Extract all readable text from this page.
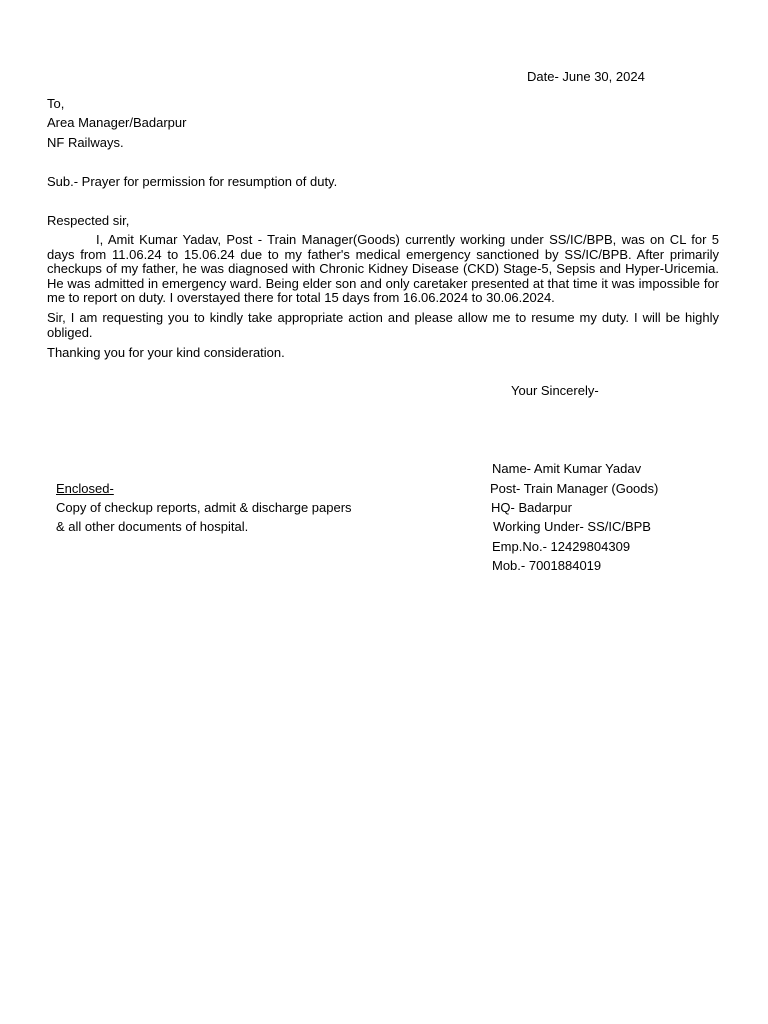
Date- June 30, 2024
To,
Area Manager/Badarpur
NF Railways.
Sub.- Prayer for permission for resumption of duty.
Respected sir,
I, Amit Kumar Yadav, Post - Train Manager(Goods) currently working under SS/IC/BPB, was on CL for 5 days from 11.06.24 to 15.06.24 due to my father's medical emergency sanctioned by SS/IC/BPB. After primarily checkups of my father, he was diagnosed with Chronic Kidney Disease (CKD) Stage-5, Sepsis and Hyper-Uricemia. He was admitted in emergency ward. Being elder son and only caretaker presented at that time it was impossible for me to report on duty. I overstayed there for total 15 days from 16.06.2024 to 30.06.2024.
Sir, I am requesting you to kindly take appropriate action and please allow me to resume my duty. I will be highly obliged.
Thanking you for your kind consideration.
Your Sincerely-
Name- Amit Kumar Yadav
Post- Train Manager (Goods)
HQ- Badarpur
Working Under- SS/IC/BPB
Emp.No.- 12429804309
Mob.- 7001884019
Enclosed-
Copy of checkup reports, admit & discharge papers
& all other documents of hospital.
